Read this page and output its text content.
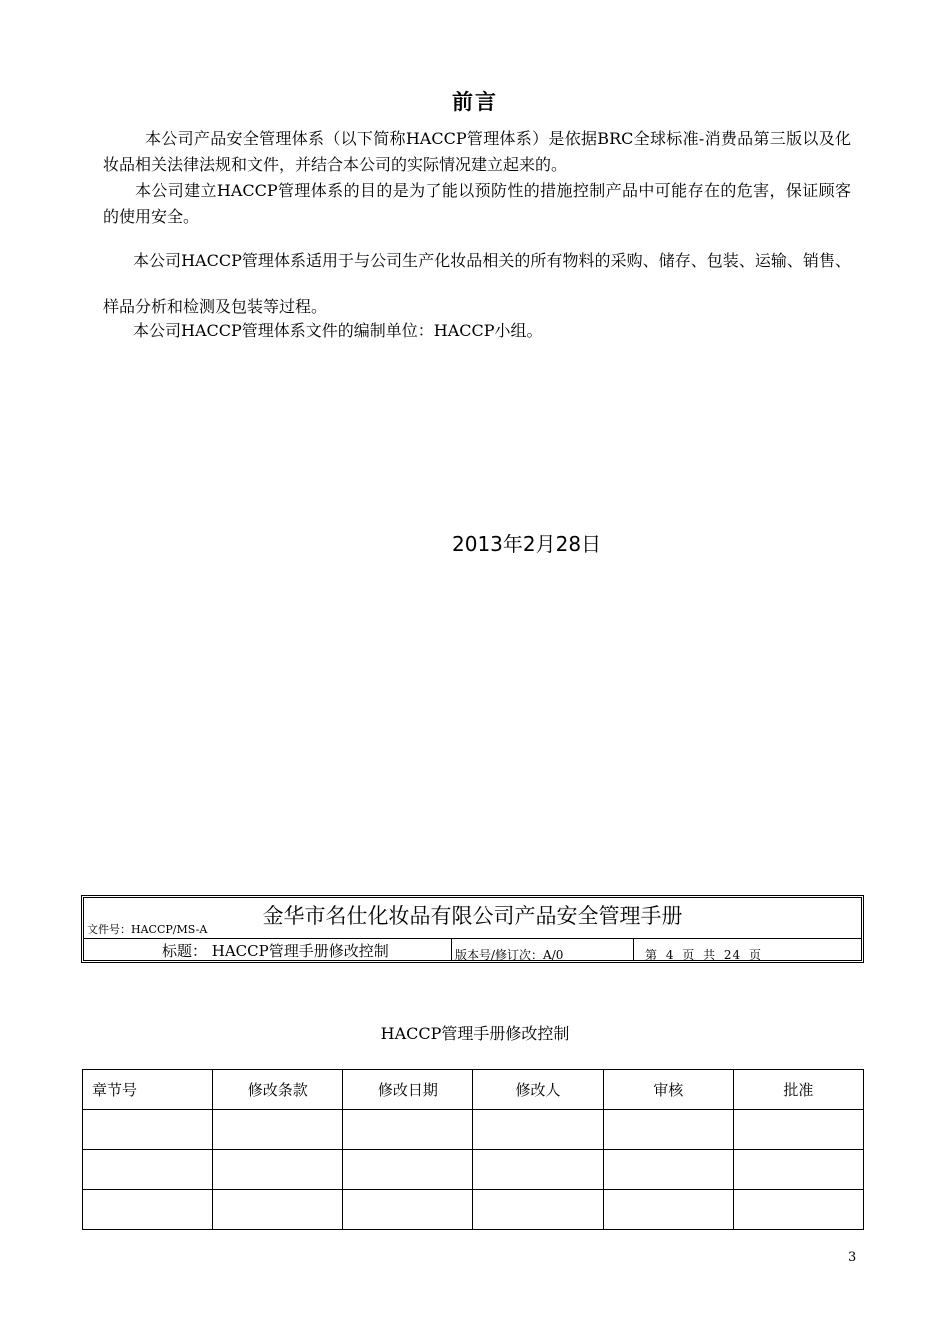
前言
本公司产品安全管理体系（以下简称HACCP管理体系）是依据BRC全球标准-消费品第三版以及化妆品相关法律法规和文件，并结合本公司的实际情况建立起来的。
本公司建立HACCP管理体系的目的是为了能以预防性的措施控制产品中可能存在的危害，保证顾客的使用安全。
本公司HACCP管理体系适用于与公司生产化妆品相关的所有物料的采购、储存、包装、运输、销售、样品分析和检测及包装等过程。
本公司HACCP管理体系文件的编制单位：HACCP小组。
2013年2月28日
金华市名仕化妆品有限公司产品安全管理手册
文件号：HACCP/MS-A
标题： HACCP管理手册修改控制	版本号/修订次：A/0	第 4 页 共 24 页
HACCP管理手册修改控制
章节号	修改条款	修改日期	修改人	审核	批准

3
